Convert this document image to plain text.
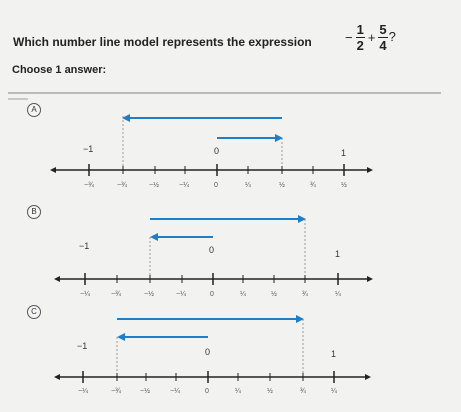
Which number line model represents the expression	− $\frac{1}{2} + \frac{5}{4}$ ?
Choose 1 answer:
A
−1	0	1
−¾	−¾	−½	−¼	0	¼	½	¾	½
B
−1	0	1
−¼	−¾	−½	−¼	0	¼	½	¾	¼
C
−1
0	1
−¼	−¾	−½	−¼	0	¼	½	¾	¼
